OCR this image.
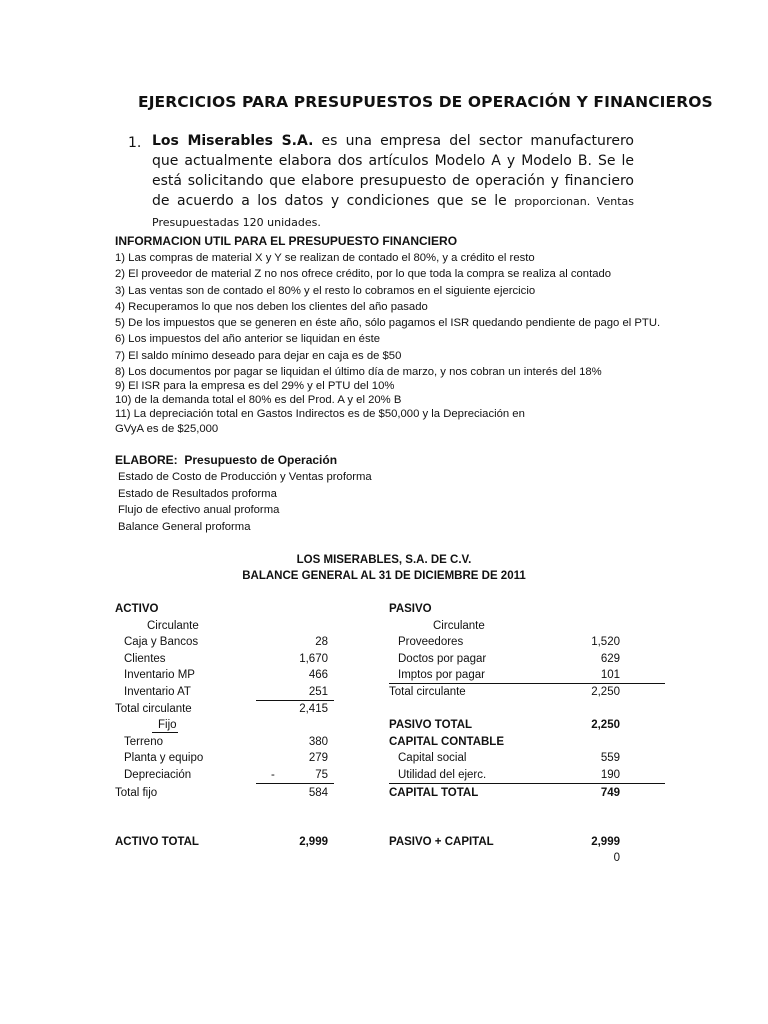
EJERCICIOS PARA PRESUPUESTOS DE OPERACIÓN Y FINANCIEROS
1. Los Miserables S.A. es una empresa del sector manufacturero que actualmente elabora dos artículos Modelo A y Modelo B. Se le está solicitando que elabore presupuesto de operación y financiero de acuerdo a los datos y condiciones que se le proporcionan. Ventas Presupuestadas 120 unidades.
INFORMACION UTIL PARA EL PRESUPUESTO FINANCIERO
1) Las compras de material X y Y se realizan de contado el 80%, y a crédito el resto
2) El proveedor de material Z no nos ofrece crédito, por lo que toda la compra se realiza al contado
3) Las ventas son de contado el 80% y el resto lo cobramos en el siguiente ejercicio
4) Recuperamos lo que nos deben los clientes del año pasado
5) De los impuestos que se generen en éste año, sólo pagamos el ISR quedando pendiente de pago el PTU.
6) Los impuestos del año anterior se liquidan en éste
7) El saldo mínimo deseado para dejar en caja es de $50
8) Los documentos por pagar se liquidan el último día de marzo, y nos cobran un interés del 18%
9) El ISR para la empresa es del 29% y el PTU del 10%
10) de la demanda total el 80% es del Prod. A y el 20% B
11) La depreciación total en Gastos Indirectos es de $50,000 y la Depreciación en
GVyA es de $25,000
ELABORE: Presupuesto de Operación
Estado de Costo de Producción y Ventas proforma
Estado de Resultados proforma
Flujo de efectivo anual proforma
Balance General proforma
LOS MISERABLES, S.A. DE C.V.
BALANCE GENERAL AL 31 DE DICIEMBRE DE 2011
ACTIVO
Circulante
Caja y Bancos	28
Clientes	1,670
Inventario MP	466
Inventario AT	251
Total circulante	2,415
Fijo
Terreno	380
Planta y equipo	279
Depreciación	-	75
Total fijo	584
ACTIVO TOTAL	2,999
PASIVO
Circulante
Proveedores	1,520
Doctos por pagar	629
Imptos por pagar	101
Total circulante	2,250
PASIVO TOTAL	2,250
CAPITAL CONTABLE
Capital social	559
Utilidad del ejerc.	190
CAPITAL TOTAL	749
PASIVO + CAPITAL	2,999
0
